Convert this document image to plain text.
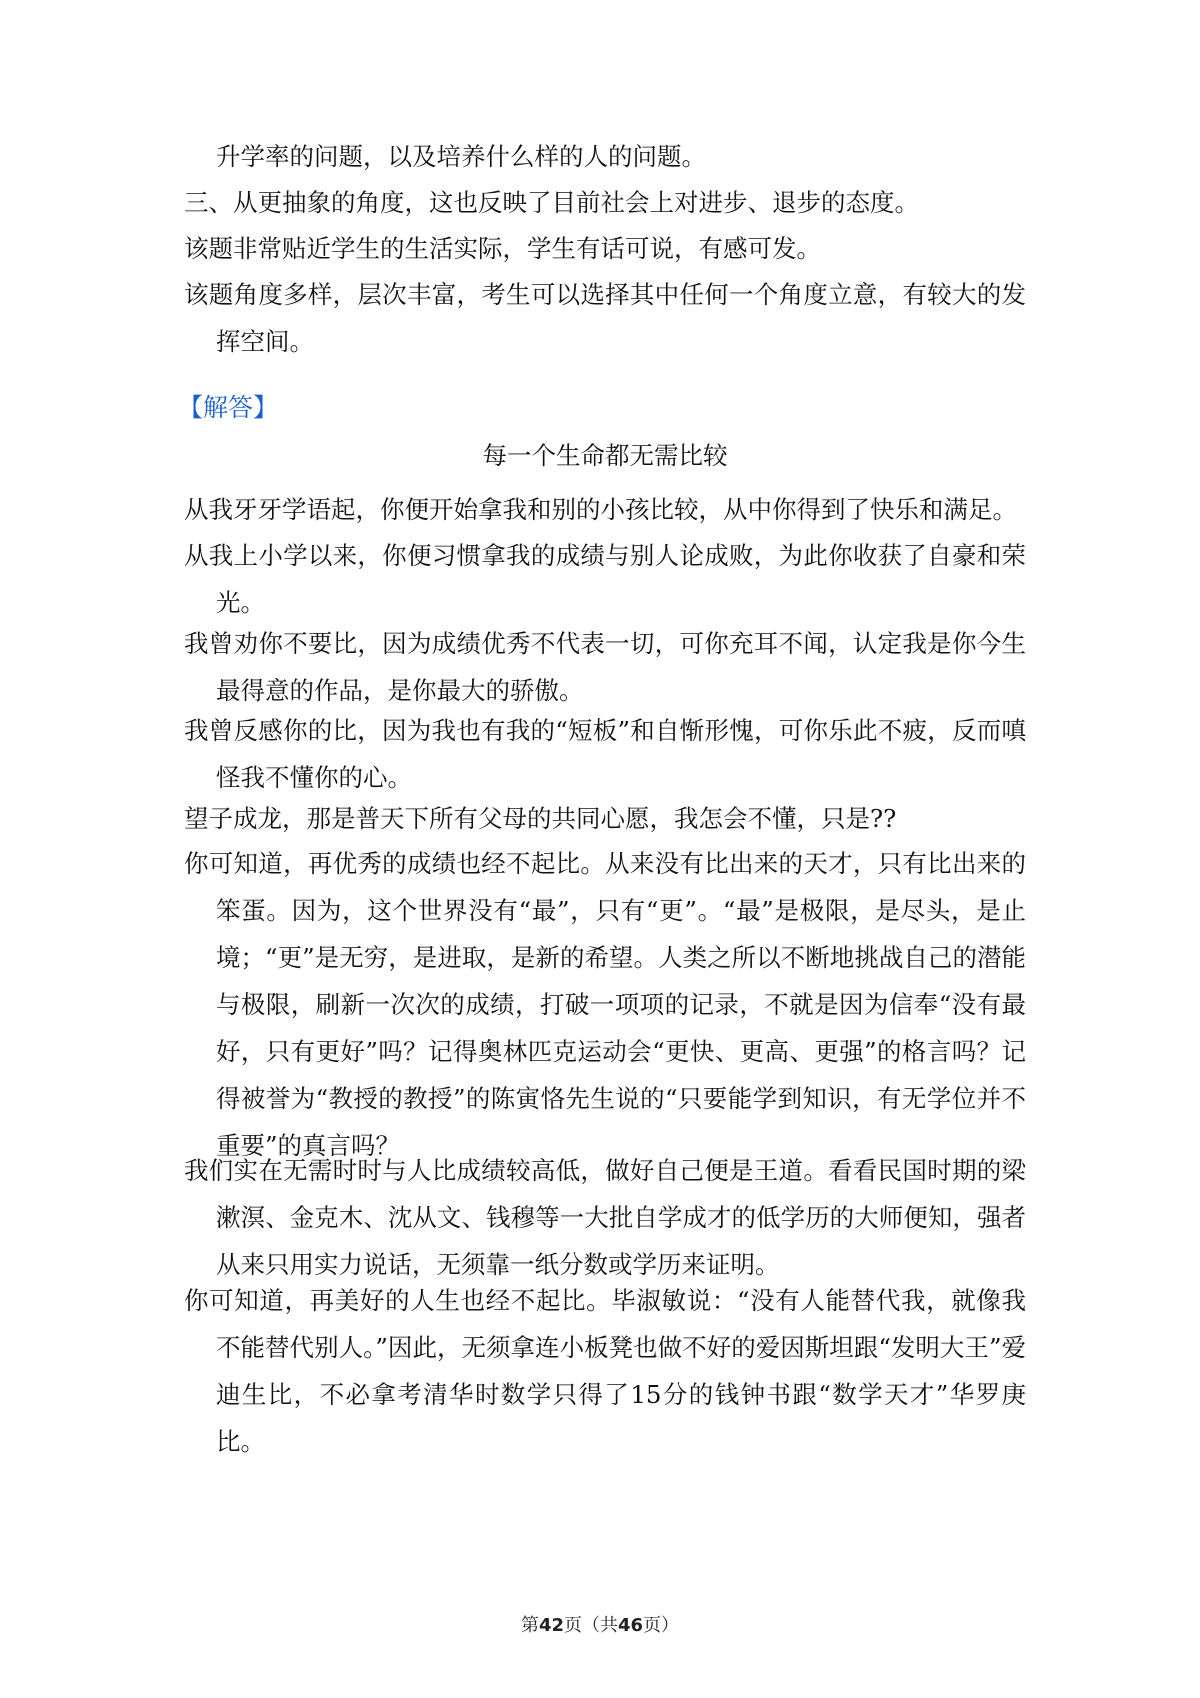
升学率的问题，以及培养什么样的人的问题。
三、从更抽象的角度，这也反映了目前社会上对进步、退步的态度。
该题非常贴近学生的生活实际，学生有话可说，有感可发。
该题角度多样，层次丰富，考生可以选择其中任何一个角度立意，有较大的发挥空间。
【解答】
每一个生命都无需比较
从我牙牙学语起，你便开始拿我和别的小孩比较，从中你得到了快乐和满足。
从我上小学以来，你便习惯拿我的成绩与别人论成败，为此你收获了自豪和荣光。
我曾劝你不要比，因为成绩优秀不代表一切，可你充耳不闻，认定我是你今生最得意的作品，是你最大的骄傲。
我曾反感你的比，因为我也有我的“短板”和自惭形愧，可你乐此不疲，反而嗔怪我不懂你的心。
望子成龙，那是普天下所有父母的共同心愿，我怎会不懂，只是??
你可知道，再优秀的成绩也经不起比。从来没有比出来的天才，只有比出来的笨蛋。因为，这个世界没有“最”，只有“更”。“最”是极限，是尽头，是止境；“更”是无穷，是进取，是新的希望。人类之所以不断地挑战自己的潜能与极限，刷新一次次的成绩，打破一项项的记录，不就是因为信奉“没有最好，只有更好”吗？记得奥林匹克运动会“更快、更高、更强”的格言吗？记得被誉为“教授的教授”的陈寅恪先生说的“只要能学到知识，有无学位并不重要”的真言吗？
我们实在无需时时与人比成绩较高低，做好自己便是王道。看看民国时期的梁漱溟、金克木、沈从文、钱穆等一大批自学成才的低学历的大师便知，强者从来只用实力说话，无须靠一纸分数或学历来证明。
你可知道，再美好的人生也经不起比。毕淑敏说：“没有人能替代我，就像我不能替代别人。”因此，无须拿连小板凳也做不好的爱因斯坦跟“发明大王”爱迪生比，不必拿考清华时数学只得了15分的钱钟书跟“数学天才”华罗庚比。
第42页（共46页）
